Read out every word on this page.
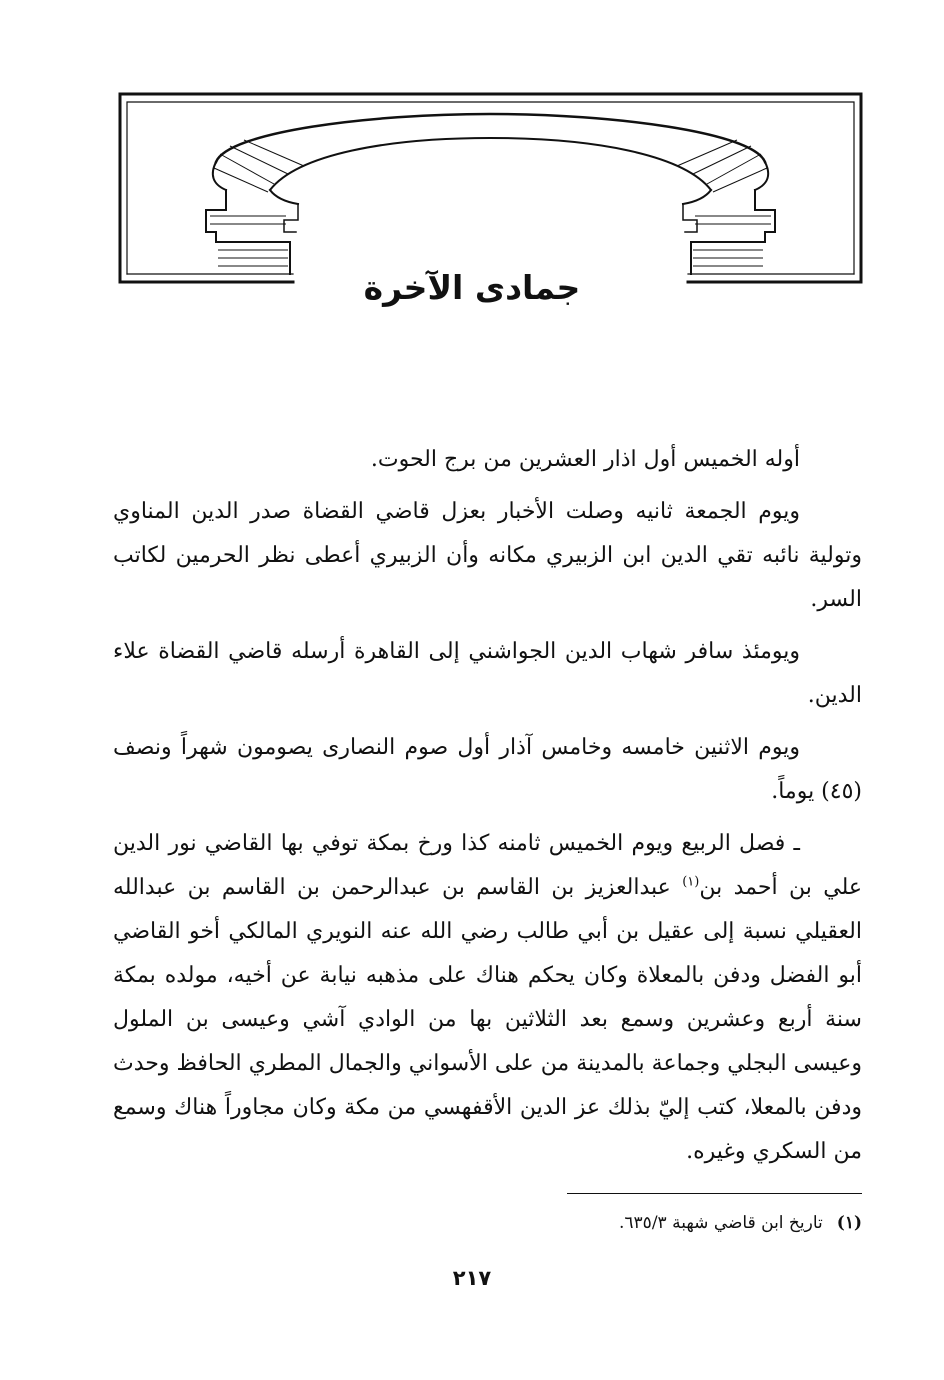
جمادى الآخرة

أوله الخميس أول اذار العشرين من برج الحوت.

ويوم الجمعة ثانيه وصلت الأخبار بعزل قاضي القضاة صدر الدين المناوي وتولية نائبه تقي الدين ابن الزبيري مكانه وأن الزبيري أعطى نظر الحرمين لكاتب السر.

ويومئذ سافر شهاب الدين الجواشني إلى القاهرة أرسله قاضي القضاة علاء الدين.

ويوم الاثنين خامسه وخامس آذار أول صوم النصارى يصومون شهراً ونصف (٤٥) يوماً.

ـ فصل الربيع ويوم الخميس ثامنه كذا ورخ بمكة توفي بها القاضي نور الدين علي بن أحمد بن$^{(١)}$ عبدالعزيز بن القاسم بن عبدالرحمن بن القاسم بن عبدالله العقيلي نسبة إلى عقيل بن أبي طالب رضي الله عنه النويري المالكي أخو القاضي أبو الفضل ودفن بالمعلاة وكان يحكم هناك على مذهبه نيابة عن أخيه، مولده بمكة سنة أربع وعشرين وسمع بعد الثلاثين بها من الوادي آشي وعيسى بن الملول وعيسى البجلي وجماعة بالمدينة من على الأسواني والجمال المطري الحافظ وحدث ودفن بالمعلا، كتب إليّ بذلك عز الدين الأقفهسي من مكة وكان مجاوراً هناك وسمع من السكري وغيره.

(١)تاريخ ابن قاضي شهبة ٦٣٥/٣.
٢١٧
